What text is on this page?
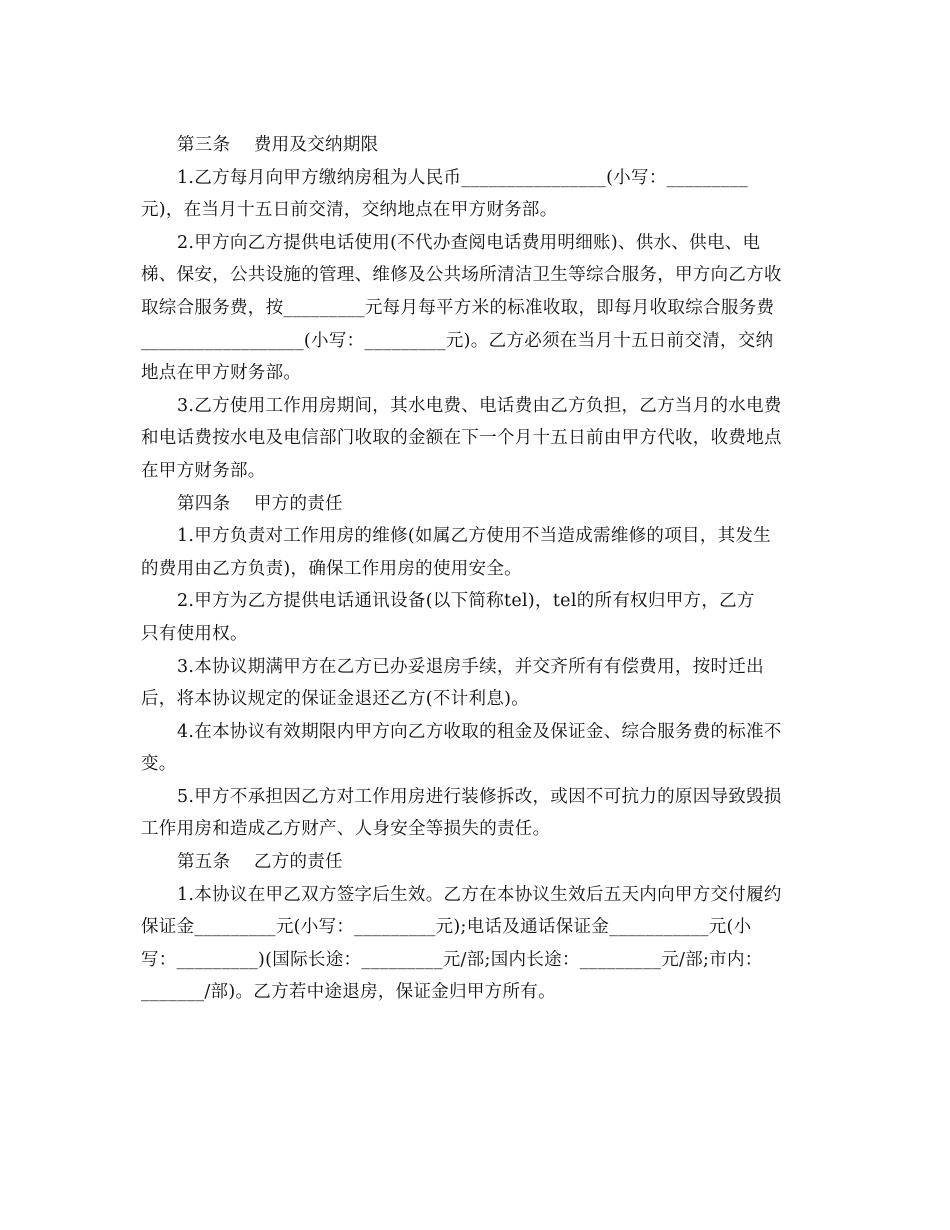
第三条    费用及交纳期限
1.乙方每月向甲方缴纳房租为人民币________________(小写：_________
元)，在当月十五日前交清，交纳地点在甲方财务部。
2.甲方向乙方提供电话使用(不代办查阅电话费用明细账)、供水、供电、电
梯、保安，公共设施的管理、维修及公共场所清洁卫生等综合服务，甲方向乙方收
取综合服务费，按_________元每月每平方米的标准收取，即每月收取综合服务费
__________________(小写：_________元)。乙方必须在当月十五日前交清，交纳
地点在甲方财务部。
3.乙方使用工作用房期间，其水电费、电话费由乙方负担，乙方当月的水电费
和电话费按水电及电信部门收取的金额在下一个月十五日前由甲方代收，收费地点
在甲方财务部。
第四条    甲方的责任
1.甲方负责对工作用房的维修(如属乙方使用不当造成需维修的项目，其发生
的费用由乙方负责)，确保工作用房的使用安全。
2.甲方为乙方提供电话通讯设备(以下简称tel)，tel的所有权归甲方，乙方
只有使用权。
3.本协议期满甲方在乙方已办妥退房手续，并交齐所有有偿费用，按时迁出
后，将本协议规定的保证金退还乙方(不计利息)。
4.在本协议有效期限内甲方向乙方收取的租金及保证金、综合服务费的标准不
变。
5.甲方不承担因乙方对工作用房进行装修拆改，或因不可抗力的原因导致毁损
工作用房和造成乙方财产、人身安全等损失的责任。
第五条    乙方的责任
1.本协议在甲乙双方签字后生效。乙方在本协议生效后五天内向甲方交付履约
保证金_________元(小写：_________元);电话及通话保证金___________元(小
写：_________)(国际长途：_________元/部;国内长途：_________元/部;市内：
_______/部)。乙方若中途退房，保证金归甲方所有。
